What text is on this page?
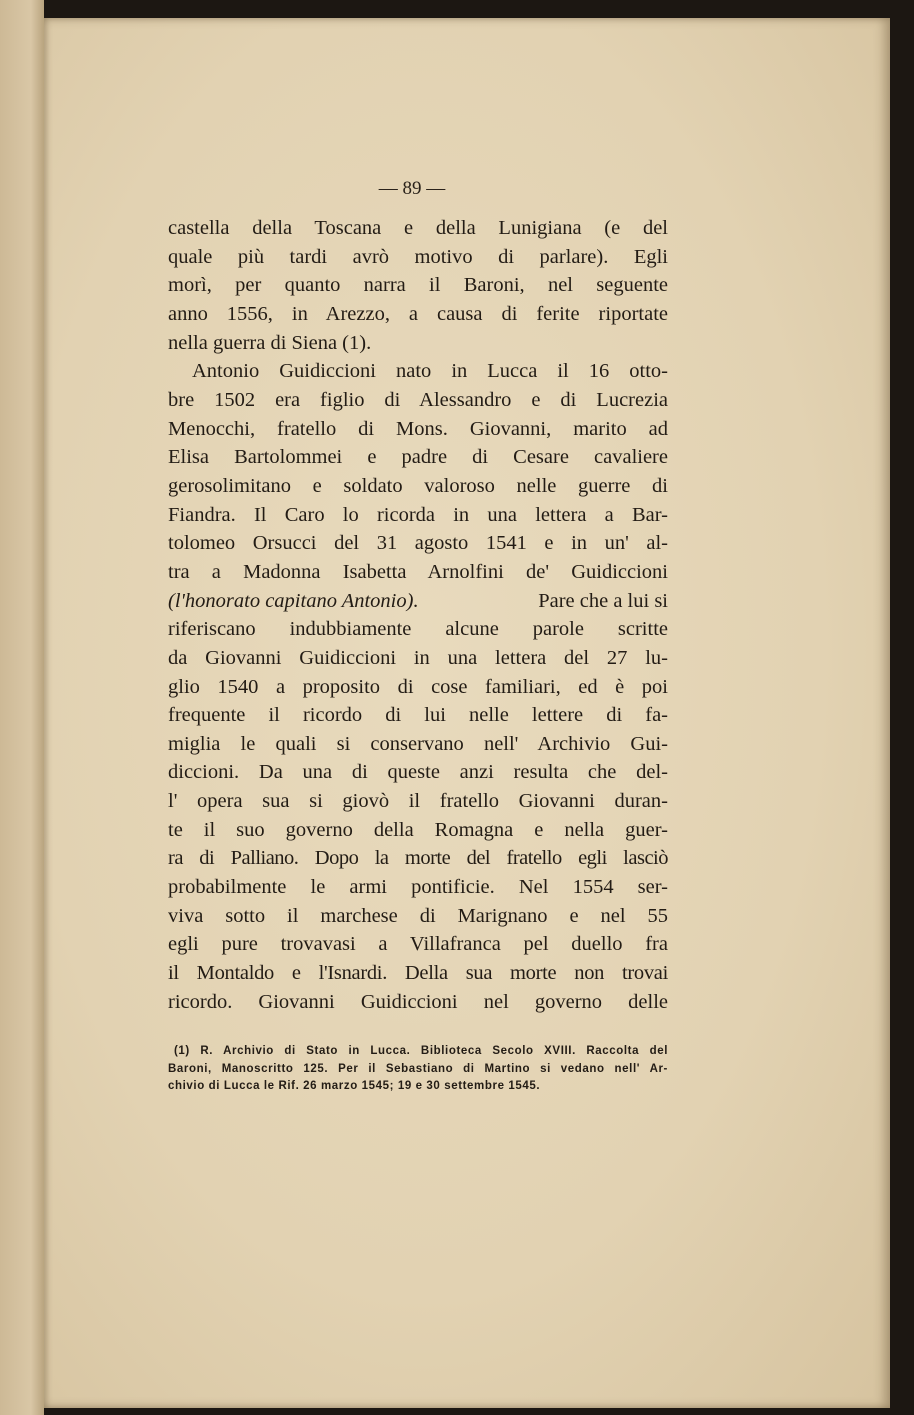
— 89 —
castella della Toscana e della Lunigiana (e del
quale più tardi avrò motivo di parlare). Egli
morì, per quanto narra il Baroni, nel seguente
anno 1556, in Arezzo, a causa di ferite riportate
nella guerra di Siena (1).
Antonio Guidiccioni nato in Lucca il 16 otto-
bre 1502 era figlio di Alessandro e di Lucrezia
Menocchi, fratello di Mons. Giovanni, marito ad
Elisa Bartolommei e padre di Cesare cavaliere
gerosolimitano e soldato valoroso nelle guerre di
Fiandra. Il Caro lo ricorda in una lettera a Bar-
tolomeo Orsucci del 31 agosto 1541 e in un' al-
tra a Madonna Isabetta Arnolfini de' Guidiccioni
(l'honorato capitano Antonio).	Pare che a lui si
riferiscano indubbiamente alcune parole scritte
da Giovanni Guidiccioni in una lettera del 27 lu-
glio 1540 a proposito di cose familiari, ed è poi
frequente il ricordo di lui nelle lettere di fa-
miglia le quali si conservano nell' Archivio Gui-
diccioni. Da una di queste anzi resulta che del-
l' opera sua si giovò il fratello Giovanni duran-
te il suo governo della Romagna e nella guer-
ra di Palliano. Dopo la morte del fratello egli lasciò
probabilmente le armi pontificie. Nel 1554 ser-
viva sotto il marchese di Marignano e nel 55
egli pure trovavasi a Villafranca pel duello fra
il Montaldo e l'Isnardi. Della sua morte non trovai
ricordo. Giovanni Guidiccioni nel governo delle
(1) R. Archivio di Stato in Lucca. Biblioteca Secolo XVIII. Raccolta del
Baroni, Manoscritto 125. Per il Sebastiano di Martino si vedano nell' Ar-
chivio di Lucca le Rif. 26 marzo 1545; 19 e 30 settembre 1545.
